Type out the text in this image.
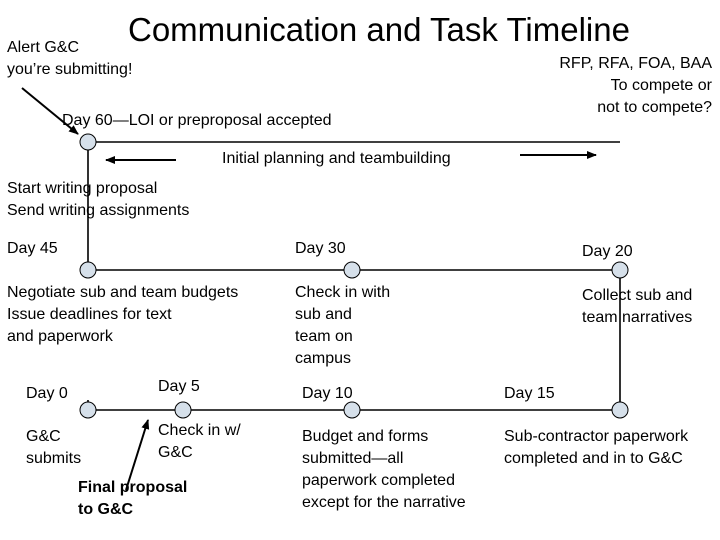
Communication and Task Timeline
Alert G&C
you’re submitting!	RFP, RFA, FOA, BAA
To compete or
not to compete?
Day 60—LOI or preproposal accepted
Initial planning and teambuilding
Start writing proposal
Send writing assignments
Day 45	Day 30	Day 20
Negotiate sub and team budgets
Issue deadlines for text
and paperwork
Check in with
sub and
team on
campus
Collect sub and
team narratives
Day 0	Day 5	Day 10	Day 15
G&C
submits
Check in w/
G&C
Budget and forms
submitted—all
paperwork completed
except for the narrative
Sub-contractor paperwork
completed and in to G&C
Final proposal
to G&C
